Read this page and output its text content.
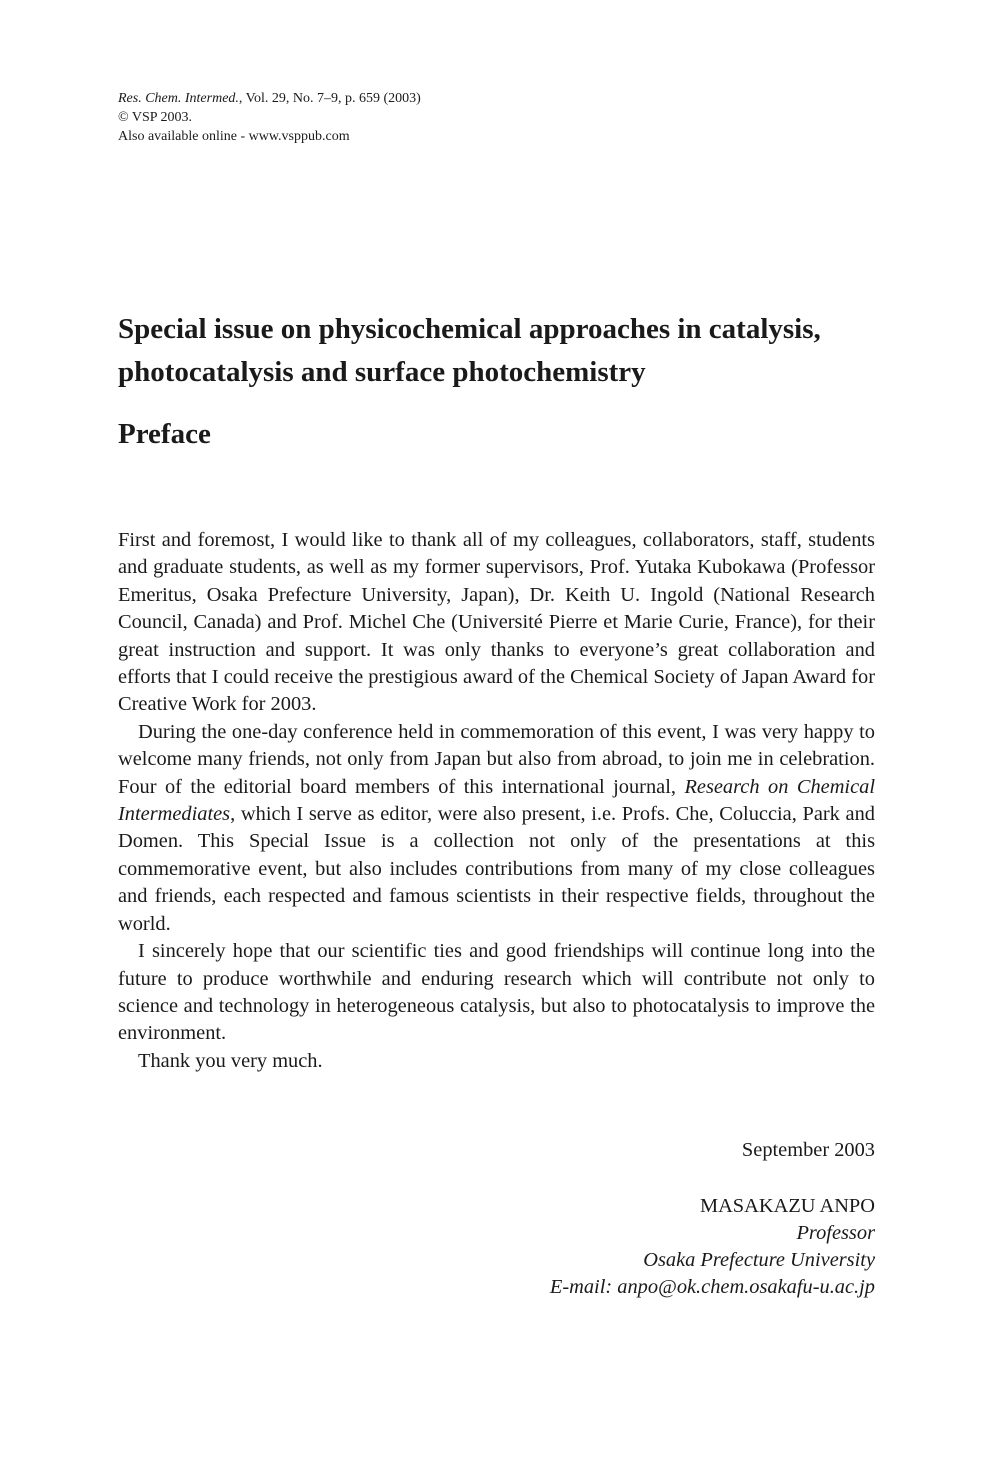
Res. Chem. Intermed., Vol. 29, No. 7–9, p. 659 (2003)
© VSP 2003.
Also available online - www.vsppub.com
Special issue on physicochemical approaches in catalysis,
photocatalysis and surface photochemistry
Preface

First and foremost, I would like to thank all of my colleagues, collaborators, staff, students and graduate students, as well as my former supervisors, Prof. Yutaka Kubokawa (Professor Emeritus, Osaka Prefecture University, Japan), Dr. Keith U. Ingold (National Research Council, Canada) and Prof. Michel Che (Université Pierre et Marie Curie, France), for their great instruction and support. It was only thanks to everyone’s great collaboration and efforts that I could receive the prestigious award of the Chemical Society of Japan Award for Creative Work for 2003.

During the one-day conference held in commemoration of this event, I was very happy to welcome many friends, not only from Japan but also from abroad, to join me in celebration. Four of the editorial board members of this international journal, Research on Chemical Intermediates, which I serve as editor, were also present, i.e. Profs. Che, Coluccia, Park and Domen. This Special Issue is a collection not only of the presentations at this commemorative event, but also includes contributions from many of my close colleagues and friends, each respected and famous scientists in their respective fields, throughout the world.

I sincerely hope that our scientific ties and good friendships will continue long into the future to produce worthwhile and enduring research which will contribute not only to science and technology in heterogeneous catalysis, but also to photocatalysis to improve the environment.

Thank you very much.

September 2003
MASAKAZU ANPO
Professor
Osaka Prefecture University
E-mail: anpo@ok.chem.osakafu-u.ac.jp
